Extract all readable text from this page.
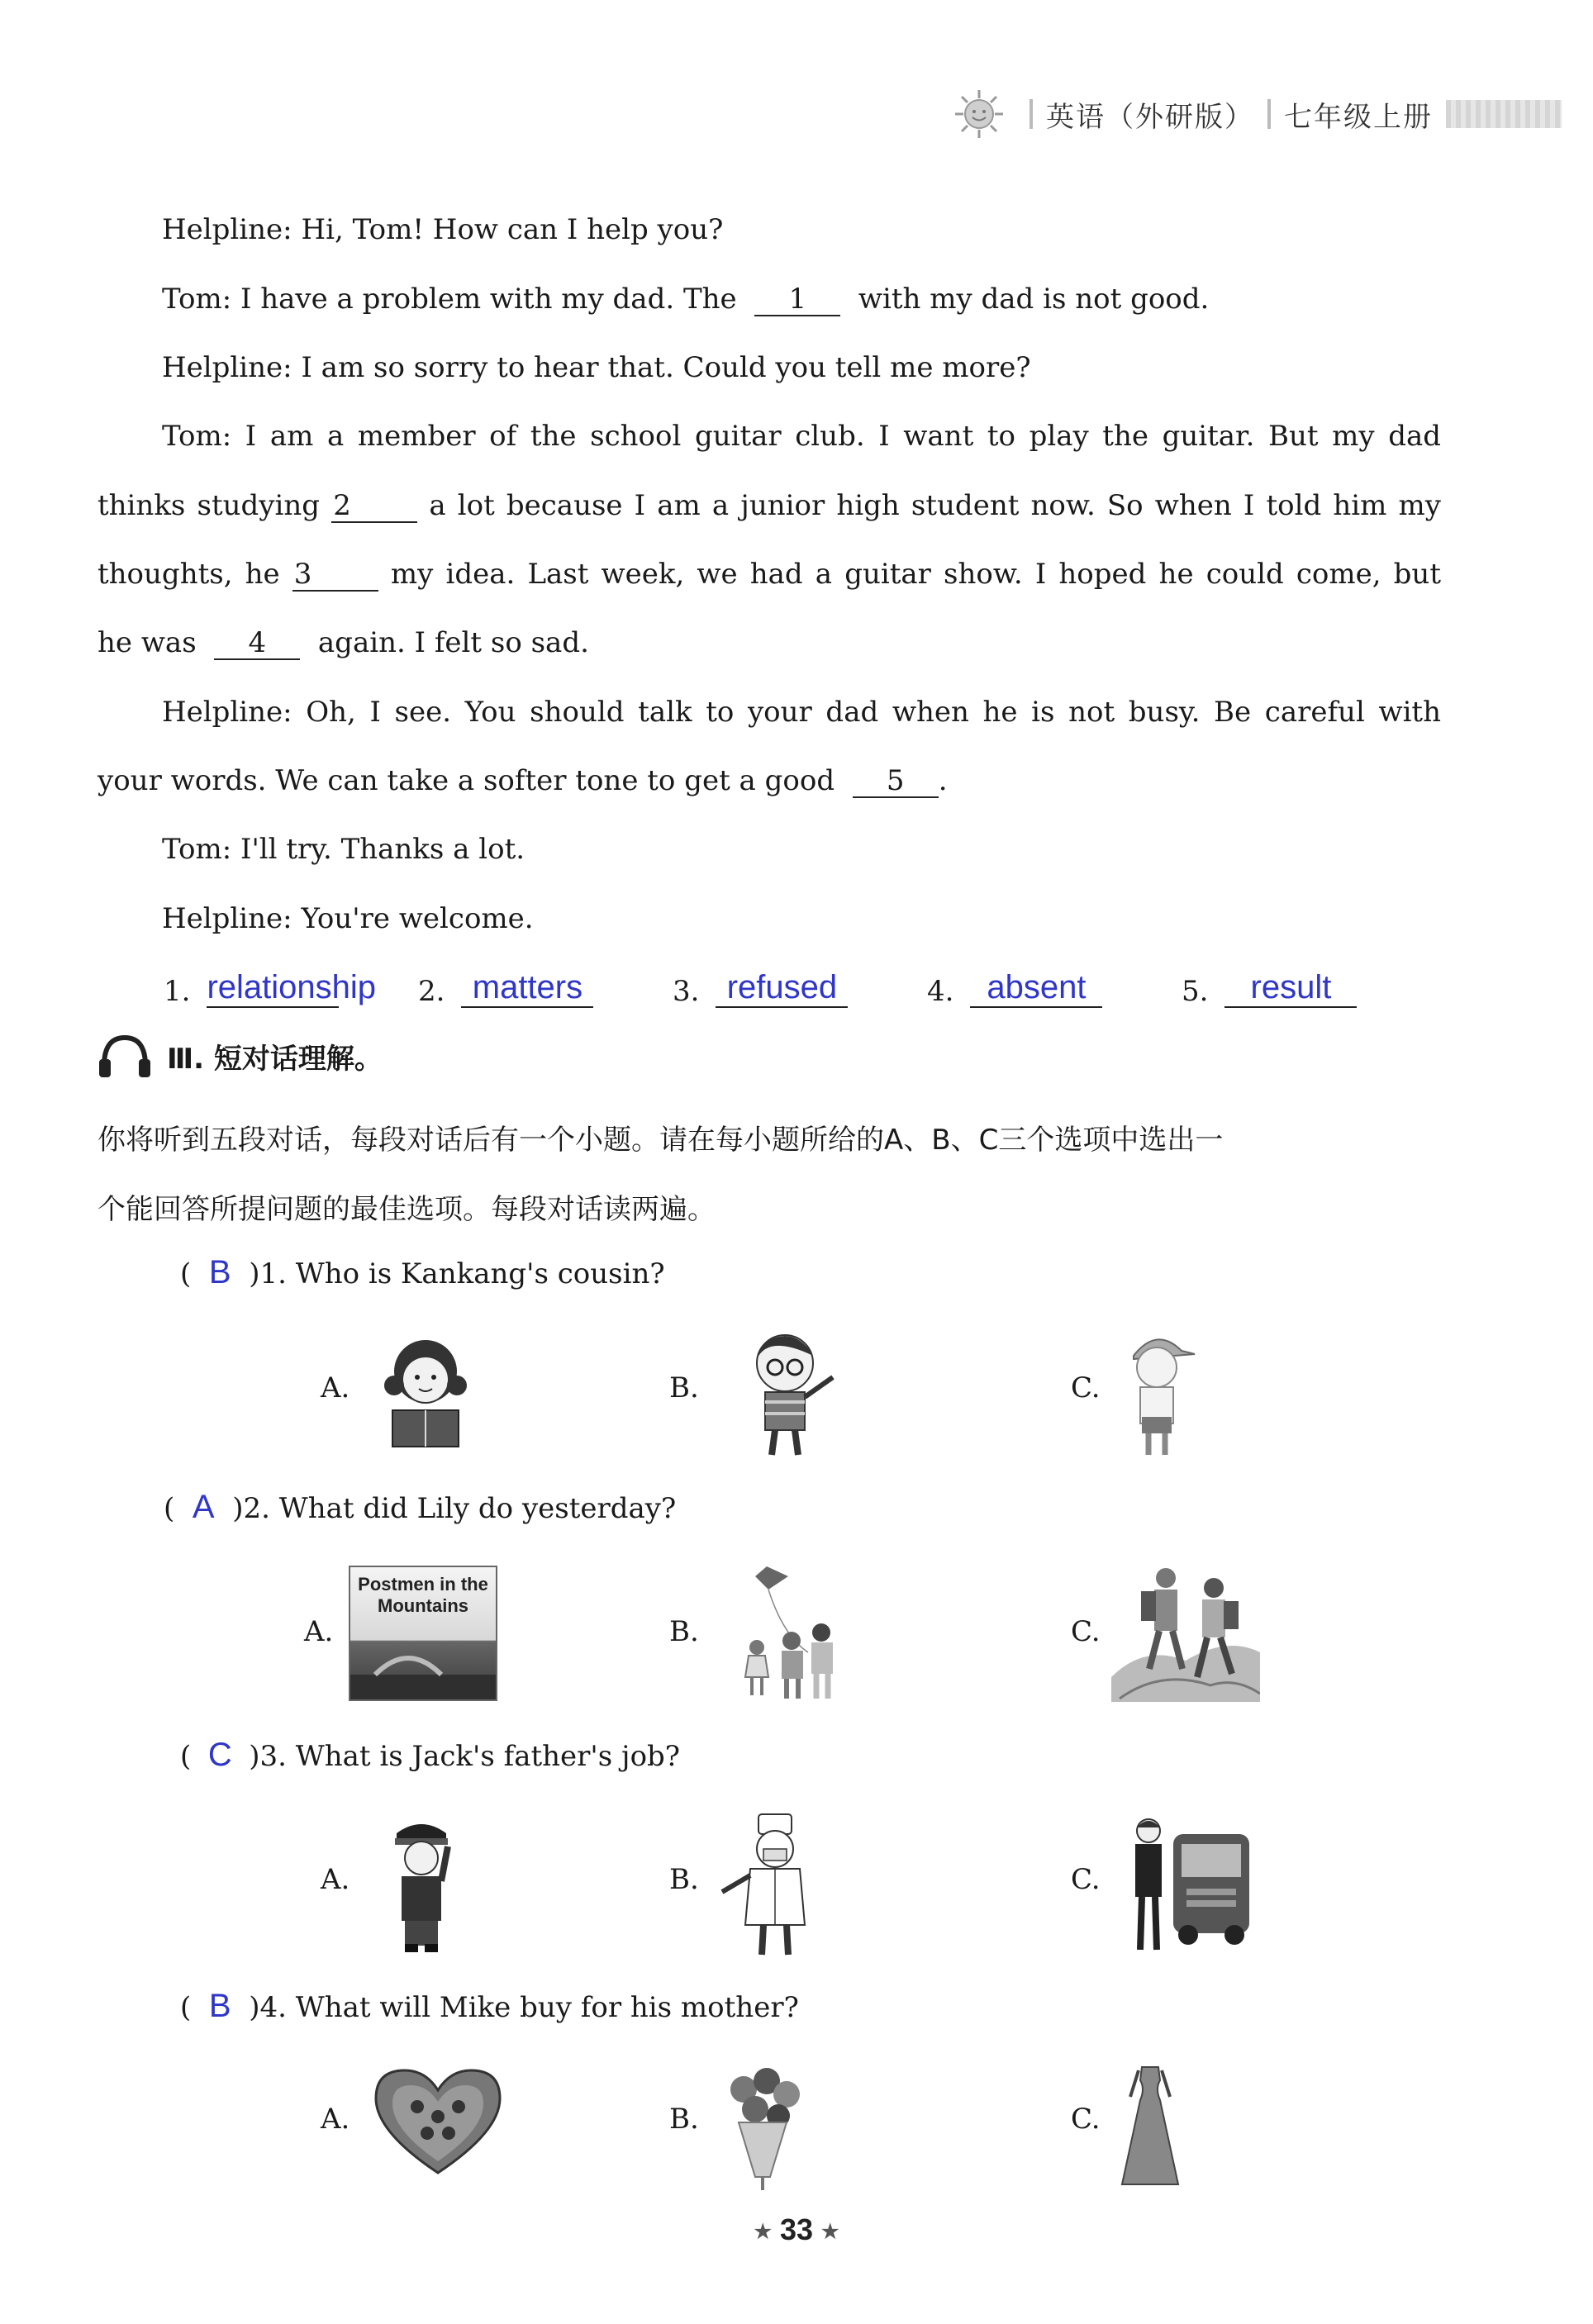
英语（外研版） 七年级上册
Helpline: Hi, Tom! How can I help you?
Tom: I have a problem with my dad. The 1 with my dad is not good.
Helpline: I am so sorry to hear that. Could you tell me more?
Tom: I am a member of the school guitar club. I want to play the guitar. But my dad
thinks studying 2	a lot because I am a junior high student now. So when I told him my
thoughts, he 3	my idea. Last week, we had a guitar show. I hoped he could come, but
he was 4 again. I felt so sad.
Helpline: Oh, I see. You should talk to your dad when he is not busy. Be careful with
your words. We can take a softer tone to get a good 5 .
Tom: I'll try. Thanks a lot.
Helpline: You're welcome.
1. relationship 2. matters	3. refused	4. absent	5.	result
Ⅲ. 短对话理解。
你将听到五段对话，每段对话后有一个小题。请在每小题所给的A、B、C三个选项中选出一
个能回答所提问题的最佳选项。每段对话读两遍。
( B )1. Who is Kankang's cousin?
A.	B.	C.
( A )2. What did Lily do yesterday?
A.
Postmen in the Mountains
B.	C.
( C )3. What is Jack's father's job?
A.	B.	C.
( B )4. What will Mike buy for his mother?
A.	B.	C.
★ 33 ★
